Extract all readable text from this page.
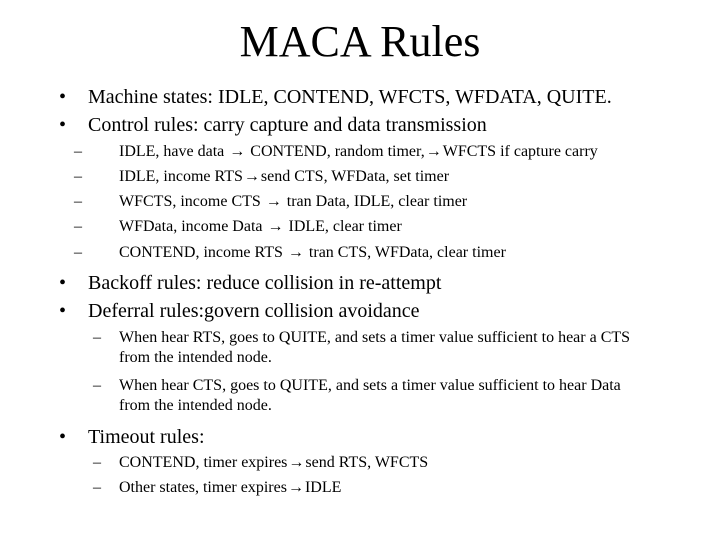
MACA Rules
• Machine states: IDLE, CONTEND, WFCTS, WFDATA, QUITE.
• Control rules: carry capture and data transmission
– IDLE, have data → CONTEND, random timer,→WFCTS if capture carry
– IDLE, income RTS→send CTS, WFData, set timer
– WFCTS, income CTS → tran Data, IDLE, clear timer
– WFData, income Data → IDLE, clear timer
– CONTEND, income RTS → tran CTS, WFData, clear timer
• Backoff rules: reduce collision in re-attempt
• Deferral rules:govern collision avoidance
– When hear RTS, goes to QUITE, and sets a timer value sufficient to hear a CTS from the intended node.
– When hear CTS, goes to QUITE, and sets a timer value sufficient to hear Data from the intended node.
• Timeout rules:
– CONTEND, timer expires→send RTS, WFCTS
– Other states, timer expires→IDLE
